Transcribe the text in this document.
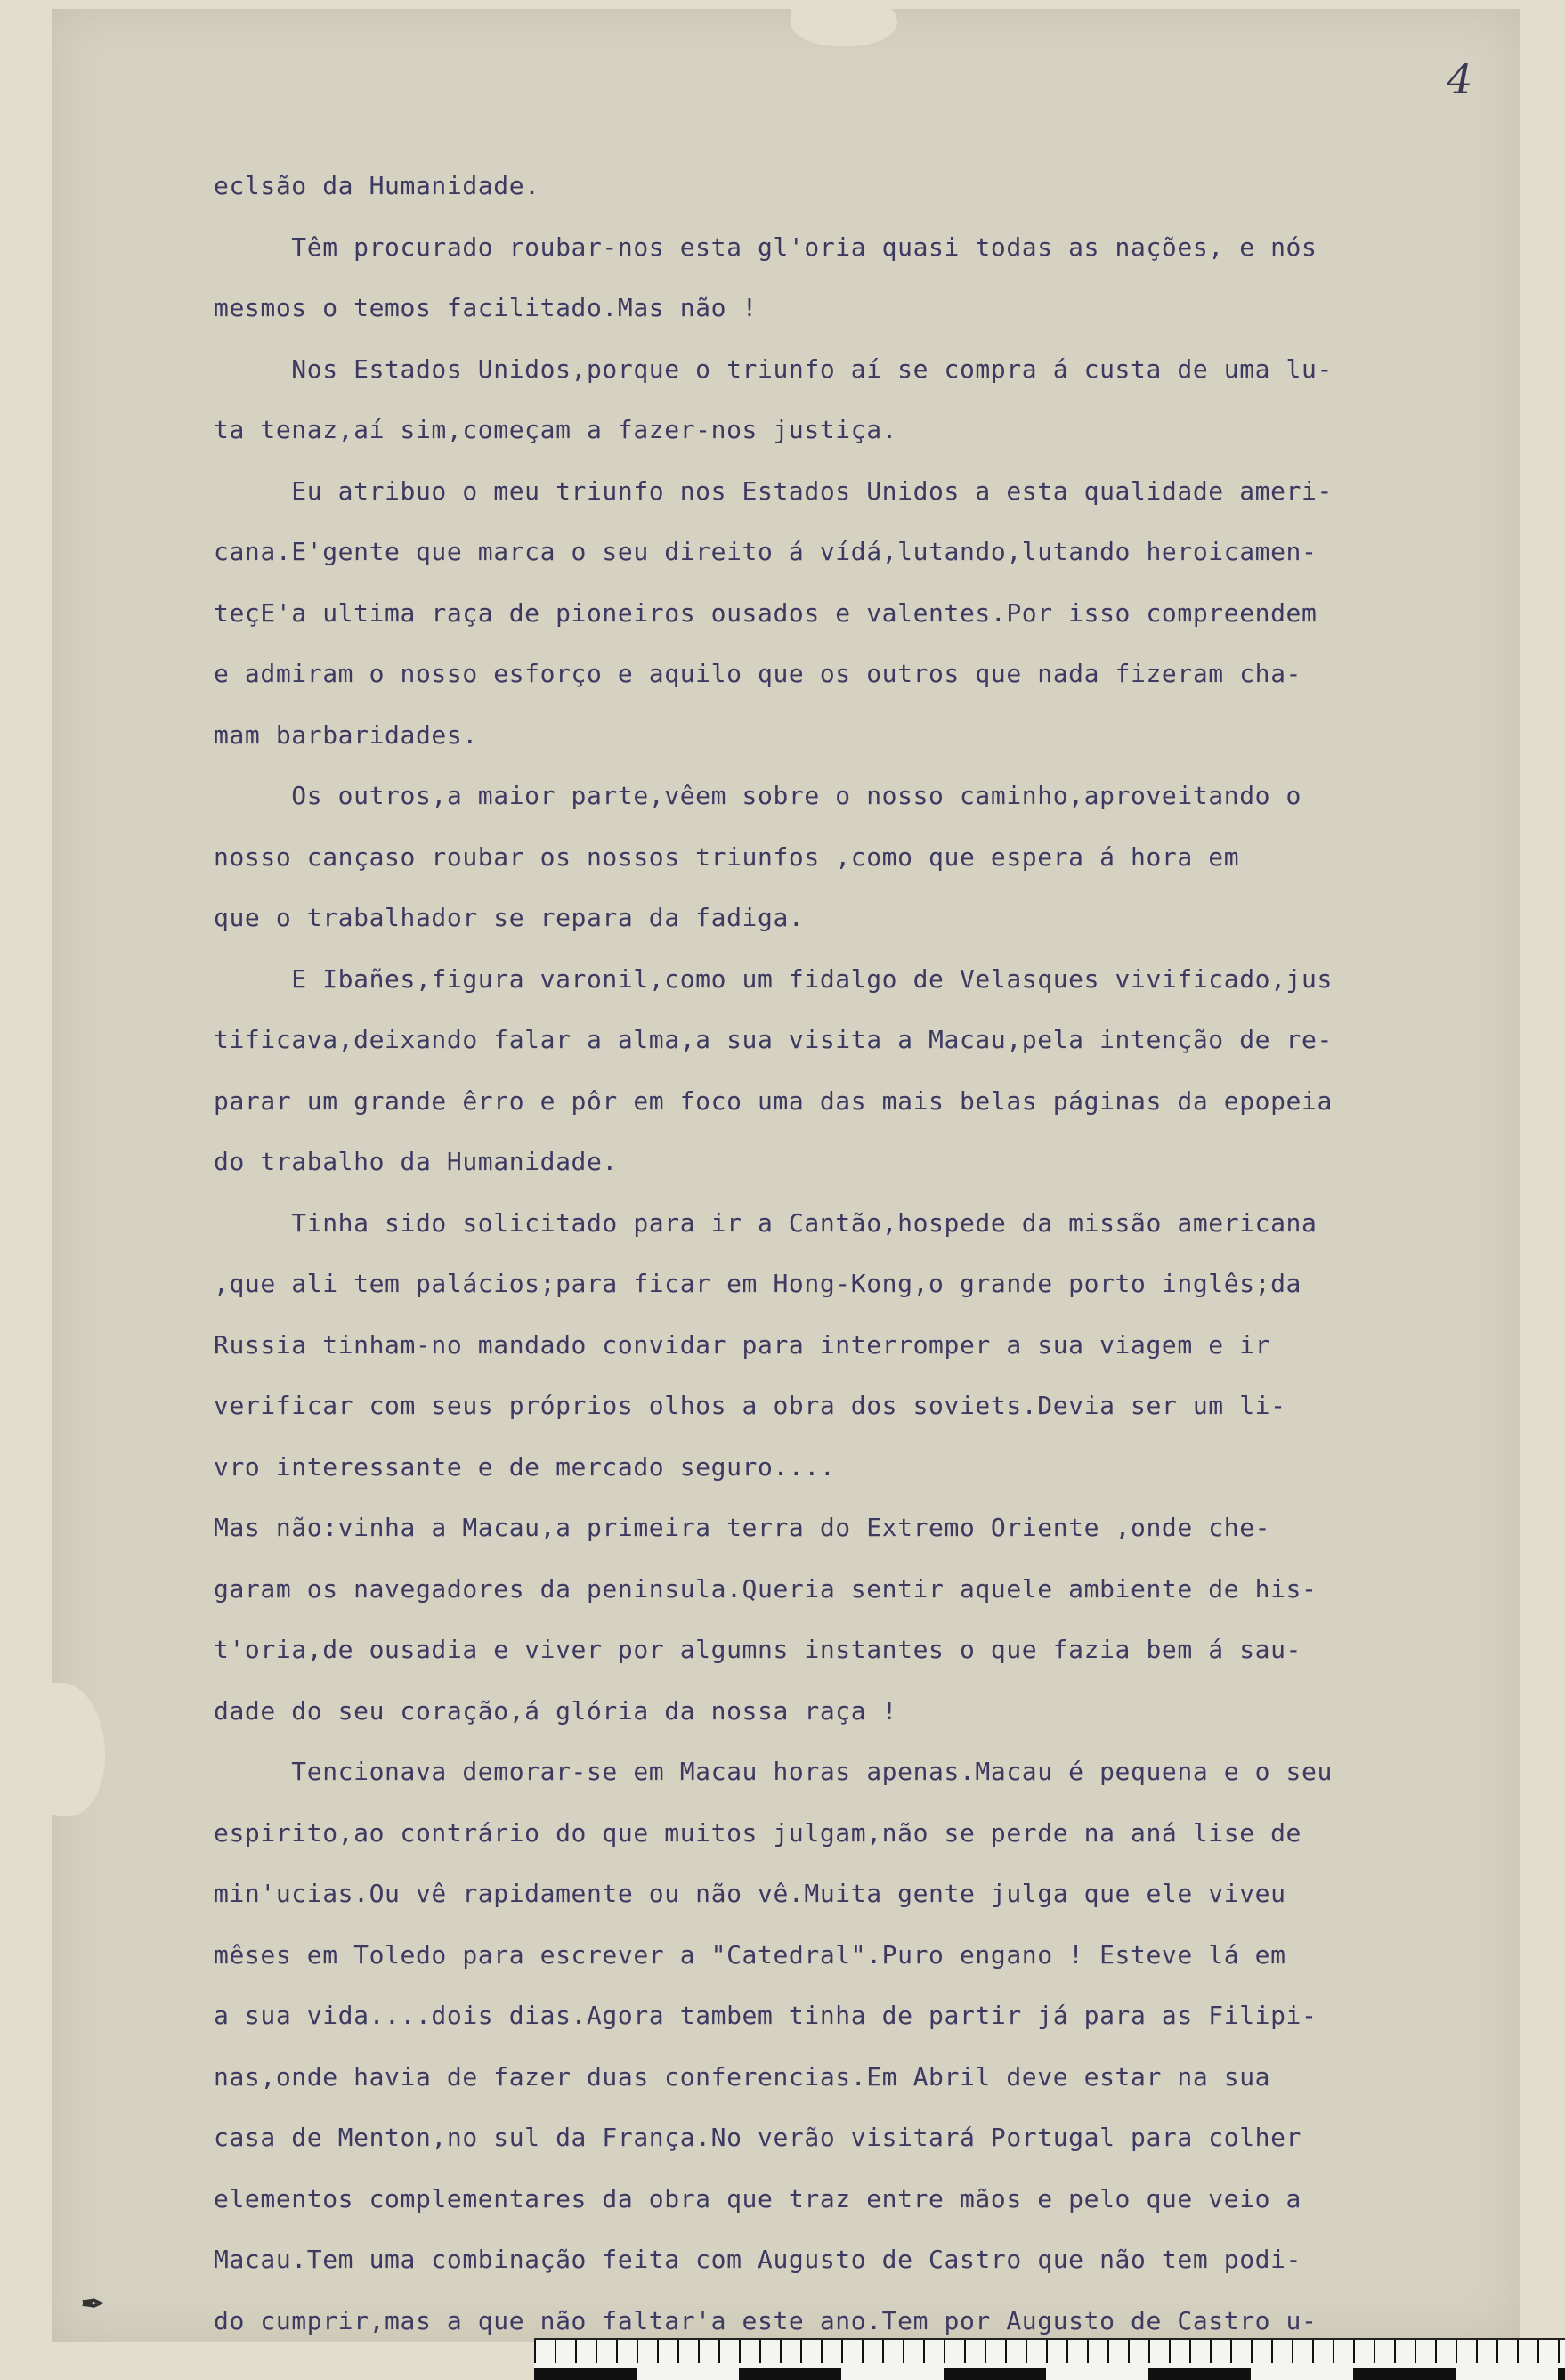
4
eclsão da Humanidade.
Têm procurado roubar-nos esta gl'oria quasi todas as nações, e nós
mesmos o temos facilitado.Mas não !
Nos Estados Unidos,porque o triunfo aí se compra á custa de uma lu-
ta tenaz,aí sim,começam a fazer-nos justiça.
Eu atribuo o meu triunfo nos Estados Unidos a esta qualidade ameri-
cana.E'gente que marca o seu direito á vídá,lutando,lutando heroicamen-
teçE'a ultima raça de pioneiros ousados e valentes.Por isso compreendem
e admiram o nosso esforço e aquilo que os outros que nada fizeram cha-
mam barbaridades.
Os outros,a maior parte,vêem sobre o nosso caminho,aproveitando o
nosso cançaso roubar os nossos triunfos ,como que espera á hora em
que o trabalhador se repara da fadiga.
E Ibañes,figura varonil,como um fidalgo de Velasques vivificado,jus
tificava,deixando falar a alma,a sua visita a Macau,pela intenção de re-
parar um grande êrro e pôr em foco uma das mais belas páginas da epopeia
do trabalho da Humanidade.
Tinha sido solicitado para ir a Cantão,hospede da missão americana
,que ali tem palácios;para ficar em Hong-Kong,o grande porto inglês;da
Russia tinham-no mandado convidar para interromper a sua viagem e ir
verificar com seus próprios olhos a obra dos soviets.Devia ser um li-
vro interessante e de mercado seguro....
Mas não:vinha a Macau,a primeira terra do Extremo Oriente ,onde che-
garam os navegadores da peninsula.Queria sentir aquele ambiente de his-
t'oria,de ousadia e viver por algumns instantes o que fazia bem á sau-
dade do seu coração,á glória da nossa raça !
Tencionava demorar-se em Macau horas apenas.Macau é pequena e o seu
espirito,ao contrário do que muitos julgam,não se perde na aná lise de
min'ucias.Ou vê rapidamente ou não vê.Muita gente julga que ele viveu
mêses em Toledo para escrever a "Catedral".Puro engano ! Esteve lá em
a sua vida....dois dias.Agora tambem tinha de partir já para as Filipi-
nas,onde havia de fazer duas conferencias.Em Abril deve estar na sua
casa de Menton,no sul da França.No verão visitará Portugal para colher
elementos complementares da obra que traz entre mãos e pelo que veio a
Macau.Tem uma combinação feita com Augusto de Castro que não tem podi-
do cumprir,mas a que não faltar'a este ano.Tem por Augusto de Castro u-
✒
